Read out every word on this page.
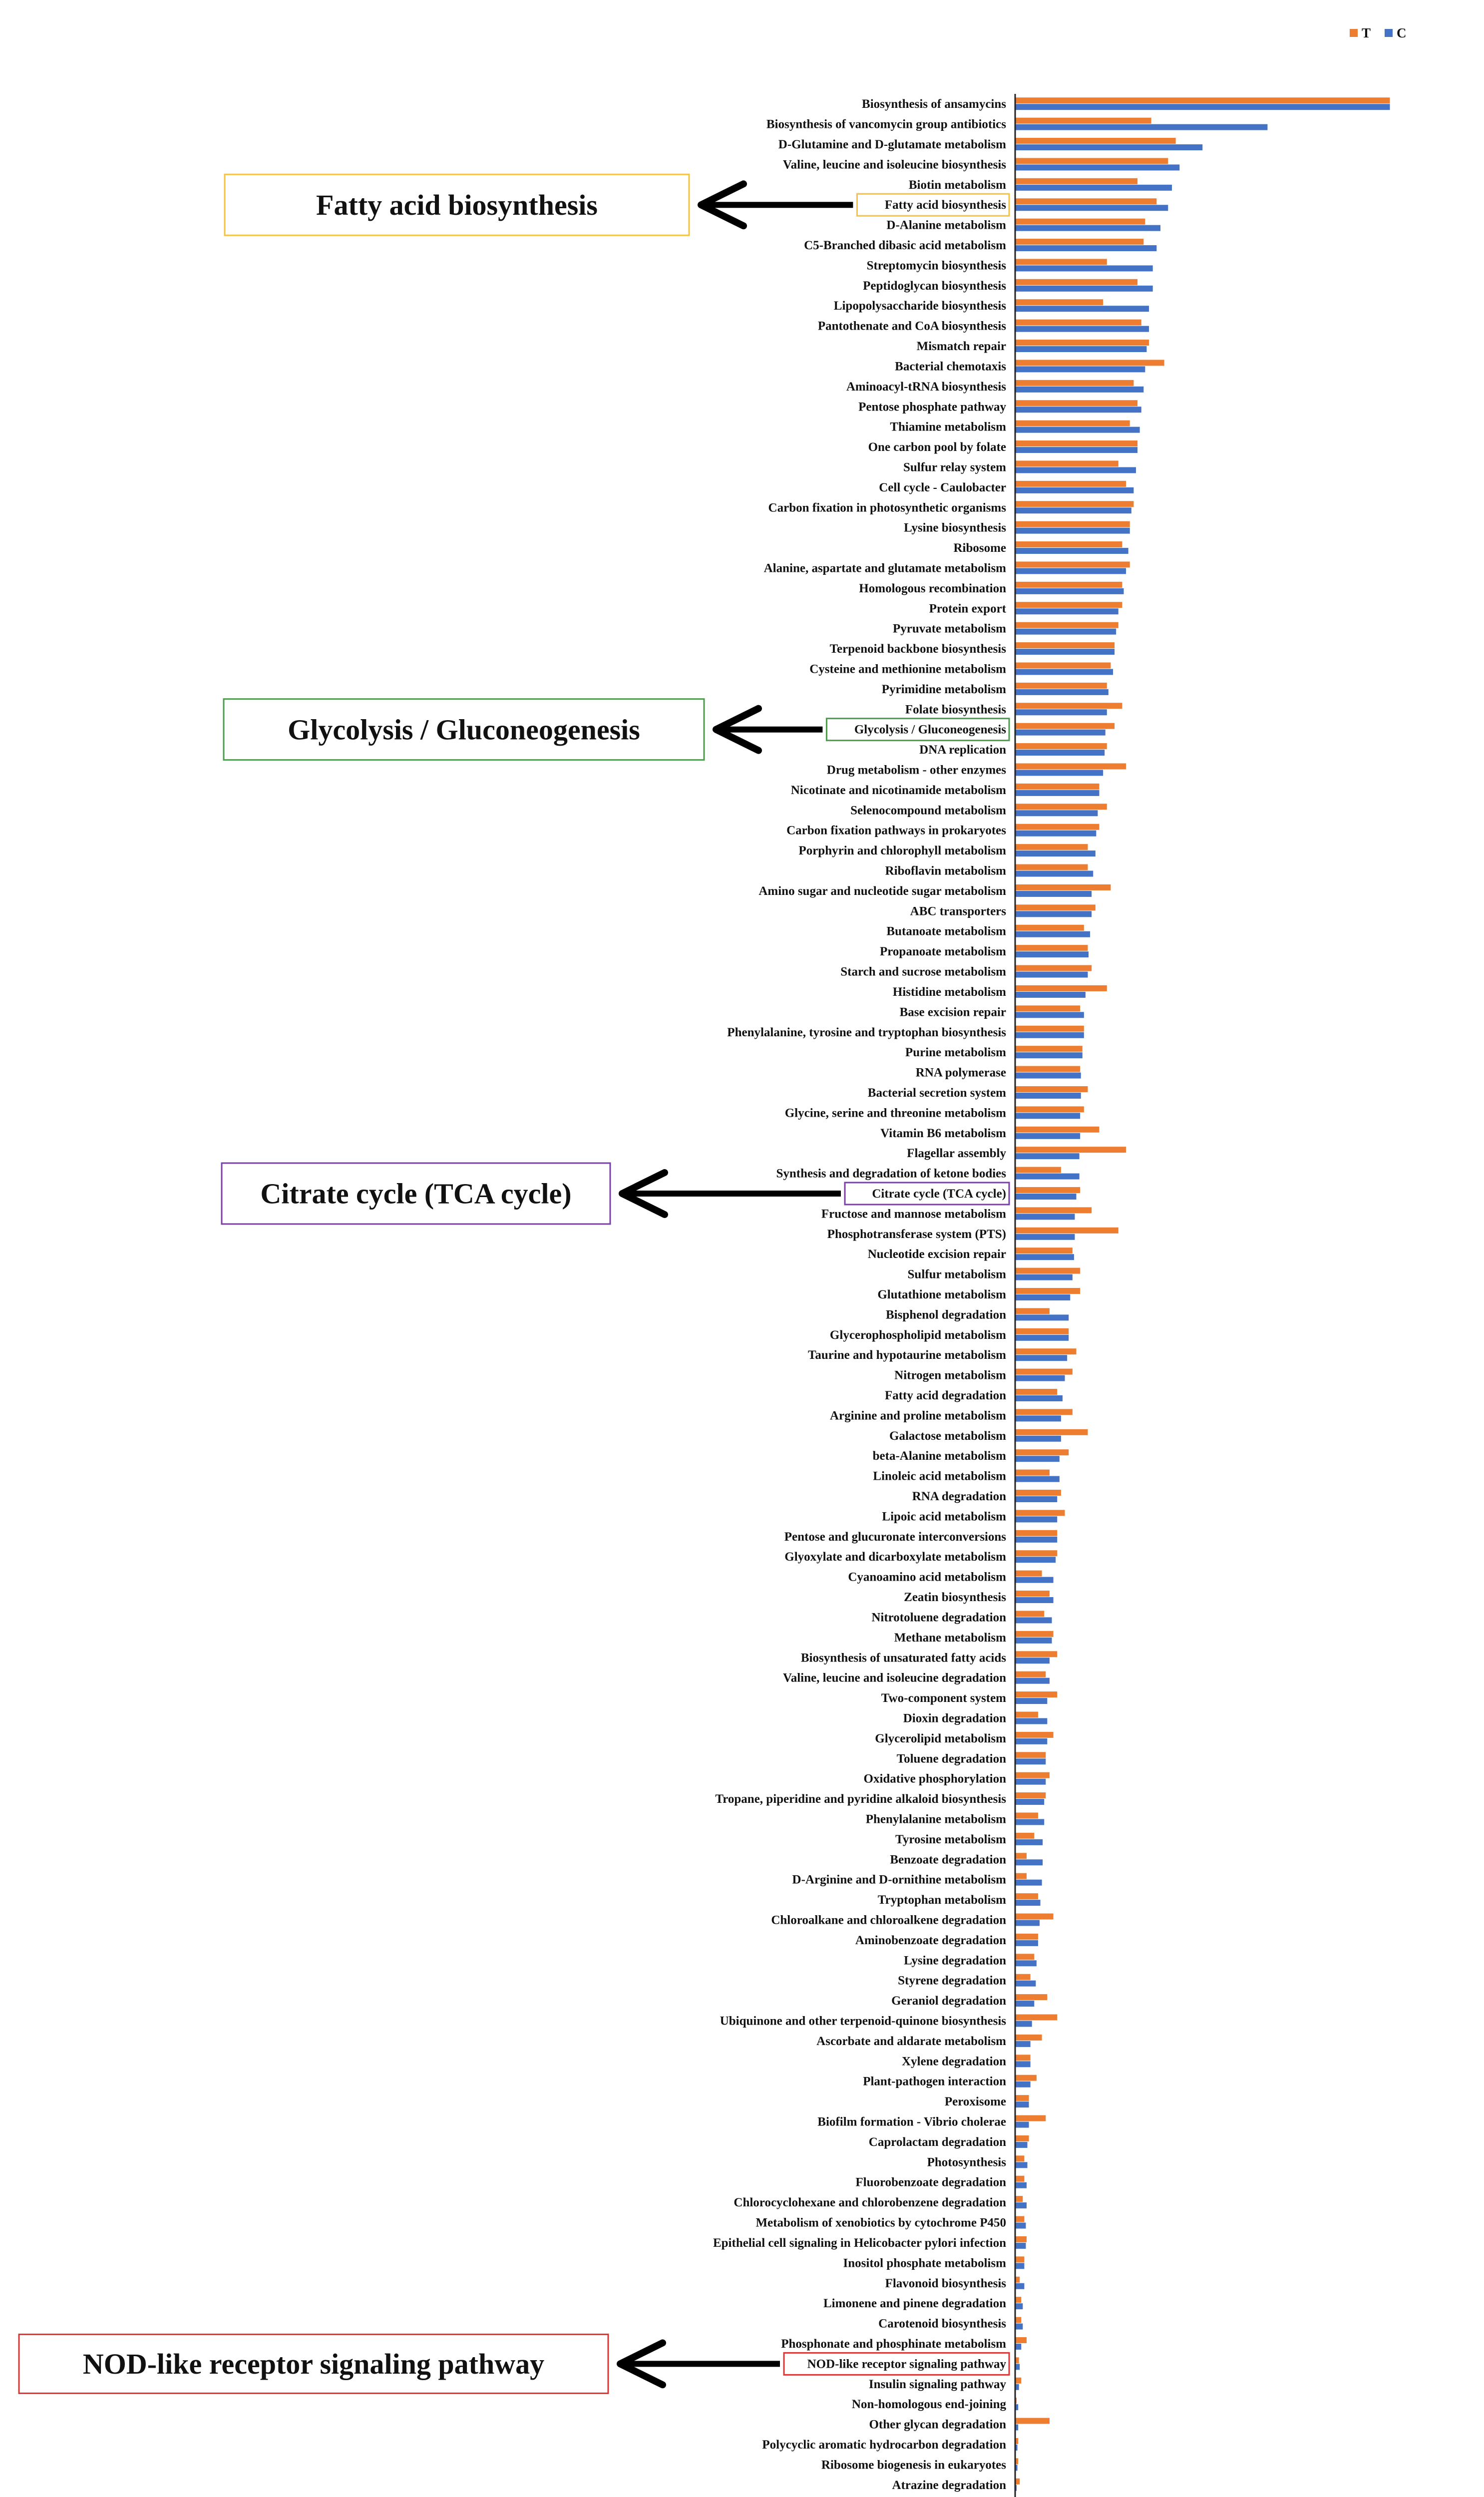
T C
Biosynthesis of ansamycins
Biosynthesis of vancomycin group antibiotics
D-Glutamine and D-glutamate metabolism
Valine, leucine and isoleucine biosynthesis
Biotin metabolism
Fatty acid biosynthesis
D-Alanine metabolism
C5-Branched dibasic acid metabolism
Streptomycin biosynthesis
Peptidoglycan biosynthesis
Lipopolysaccharide biosynthesis
Pantothenate and CoA biosynthesis
Mismatch repair
Bacterial chemotaxis
Aminoacyl-tRNA biosynthesis
Pentose phosphate pathway
Thiamine metabolism
One carbon pool by folate
Sulfur relay system
Cell cycle - Caulobacter
Carbon fixation in photosynthetic organisms
Lysine biosynthesis
Ribosome
Alanine, aspartate and glutamate metabolism
Homologous recombination
Protein export
Pyruvate metabolism
Terpenoid backbone biosynthesis
Cysteine and methionine metabolism
Pyrimidine metabolism
Folate biosynthesis
Glycolysis / Gluconeogenesis
DNA replication
Drug metabolism - other enzymes
Nicotinate and nicotinamide metabolism
Selenocompound metabolism
Carbon fixation pathways in prokaryotes
Porphyrin and chlorophyll metabolism
Riboflavin metabolism
Amino sugar and nucleotide sugar metabolism
ABC transporters
Butanoate metabolism
Propanoate metabolism
Starch and sucrose metabolism
Histidine metabolism
Base excision repair
Phenylalanine, tyrosine and tryptophan biosynthesis
Purine metabolism
RNA polymerase
Bacterial secretion system
Glycine, serine and threonine metabolism
Vitamin B6 metabolism
Flagellar assembly
Synthesis and degradation of ketone bodies
Citrate cycle (TCA cycle)
Fructose and mannose metabolism
Phosphotransferase system (PTS)
Nucleotide excision repair
Sulfur metabolism
Glutathione metabolism
Bisphenol degradation
Glycerophospholipid metabolism
Taurine and hypotaurine metabolism
Nitrogen metabolism
Fatty acid degradation
Arginine and proline metabolism
Galactose metabolism
beta-Alanine metabolism
Linoleic acid metabolism
RNA degradation
Lipoic acid metabolism
Pentose and glucuronate interconversions
Glyoxylate and dicarboxylate metabolism
Cyanoamino acid metabolism
Zeatin biosynthesis
Nitrotoluene degradation
Methane metabolism
Biosynthesis of unsaturated fatty acids
Valine, leucine and isoleucine degradation
Two-component system
Dioxin degradation
Glycerolipid metabolism
Toluene degradation
Oxidative phosphorylation
Tropane, piperidine and pyridine alkaloid biosynthesis
Phenylalanine metabolism
Tyrosine metabolism
Benzoate degradation
D-Arginine and D-ornithine metabolism
Tryptophan metabolism
Chloroalkane and chloroalkene degradation
Aminobenzoate degradation
Lysine degradation
Styrene degradation
Geraniol degradation
Ubiquinone and other terpenoid-quinone biosynthesis
Ascorbate and aldarate metabolism
Xylene degradation
Plant-pathogen interaction
Peroxisome
Biofilm formation - Vibrio cholerae
Caprolactam degradation
Photosynthesis
Fluorobenzoate degradation
Chlorocyclohexane and chlorobenzene degradation
Metabolism of xenobiotics by cytochrome P450
Epithelial cell signaling in Helicobacter pylori infection
Inositol phosphate metabolism
Flavonoid biosynthesis
Limonene and pinene degradation
Carotenoid biosynthesis
Phosphonate and phosphinate metabolism
NOD-like receptor signaling pathway
Insulin signaling pathway
Non-homologous end-joining
Other glycan degradation
Polycyclic aromatic hydrocarbon degradation
Ribosome biogenesis in eukaryotes
Atrazine degradation
Fatty acid biosynthesis
Glycolysis / Gluconeogenesis
Citrate cycle (TCA cycle)
NOD-like receptor signaling pathway
